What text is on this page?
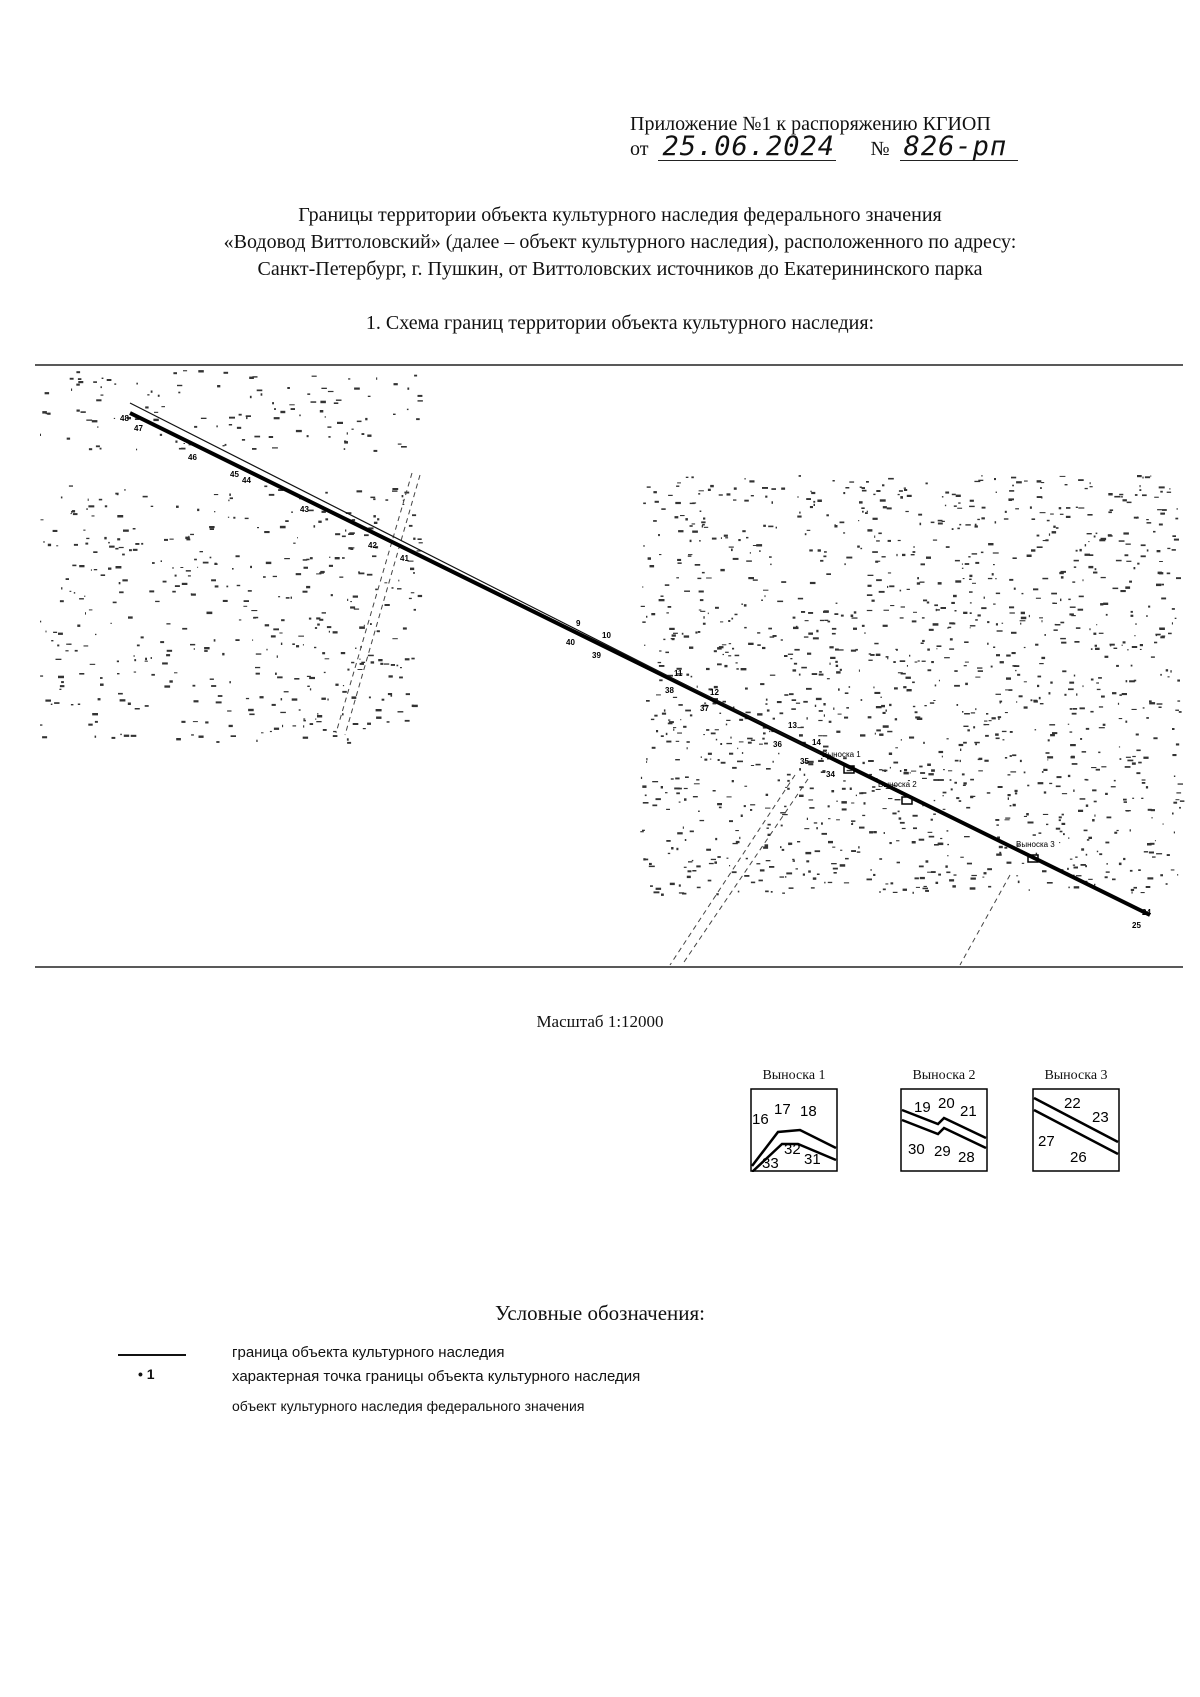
Приложение №1 к распоряжению КГИОП
от 25.06.2024 № 826-рп
Границы территории объекта культурного наследия федерального значения
«Водовод Виттоловский» (далее – объект культурного наследия), расположенного по адресу:
Санкт-Петербург, г. Пушкин, от Виттоловских источников до Екатерининского парка
1. Схема границ территории объекта культурного наследия:
Выноска 1
Выноска 2
Выноска 3
48
47
46
45
44
43
42
41
40
39
38
37
36
35
34
25
9
10
11
12
13
14
24
Масштаб 1:12000
Выноска 1
16
17 18
33
32
31
Выноска 2
19 20 21
30 29 28
Выноска 3
22
23
27
26
Условные обозначения:
• 1
граница объекта культурного наследия
характерная точка границы объекта культурного наследия
объект культурного наследия федерального значения
